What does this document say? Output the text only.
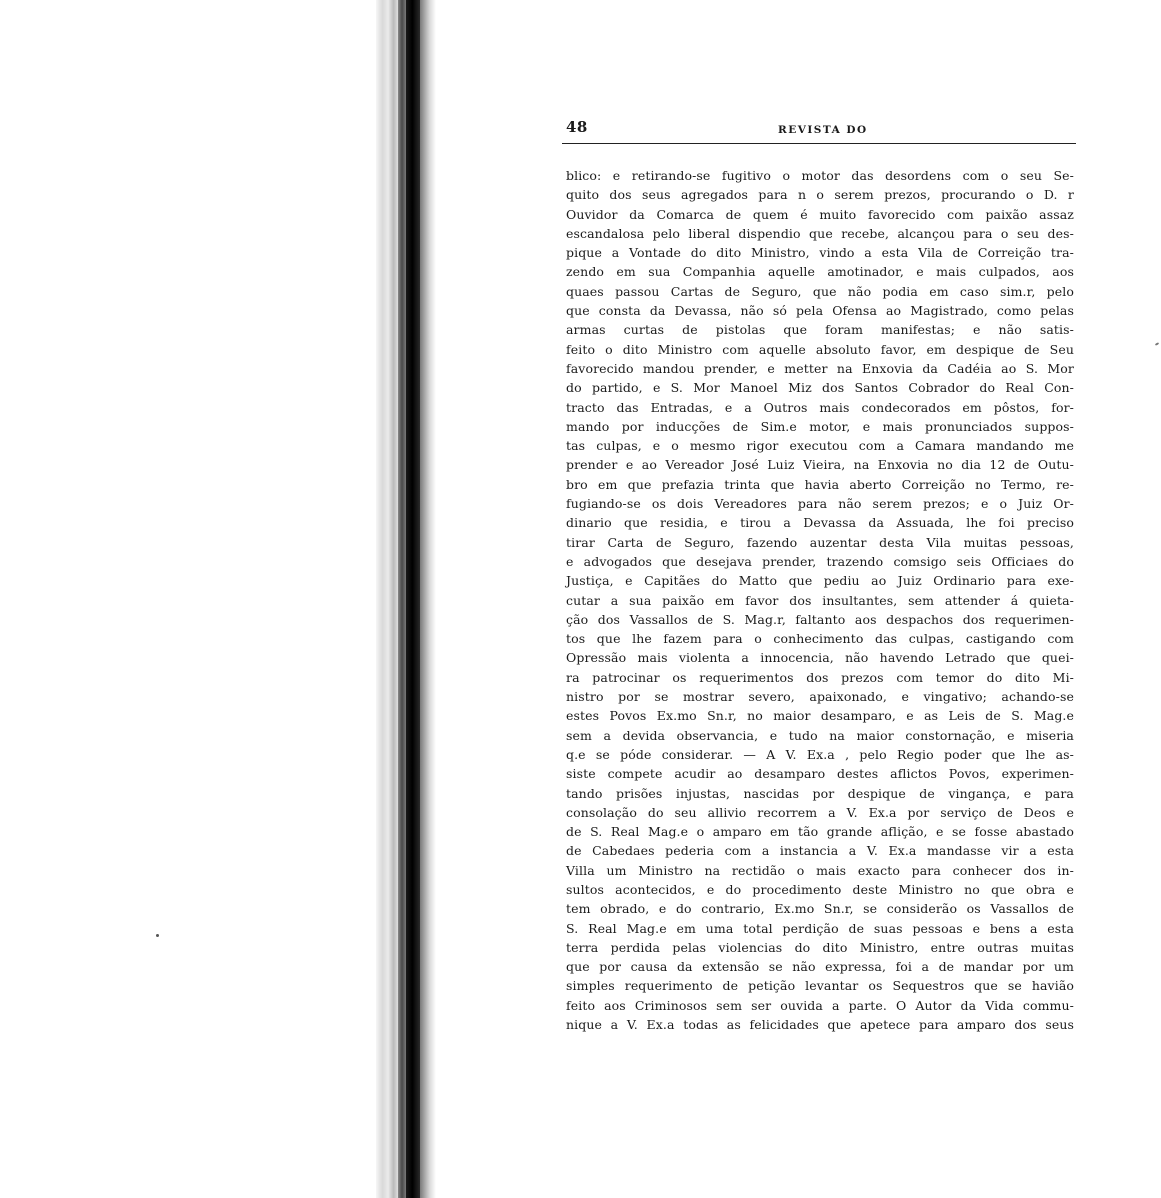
48	REVISTA DO
blico: e retirando-se fugitivo o motor das desordens com o seu Se-
quito dos seus agregados para n o serem prezos, procurando o D. r
Ouvidor da Comarca de quem é muito favorecido com paixão assaz
escandalosa pelo liberal dispendio que recebe, alcançou para o seu des-
pique a Vontade do dito Ministro, vindo a esta Vila de Correição tra-
zendo em sua Companhia aquelle amotinador, e mais culpados, aos
quaes passou Cartas de Seguro, que não podia em caso sim.r, pelo
que consta da Devassa, não só pela Ofensa ao Magistrado, como pelas
armas curtas de pistolas que foram manifestas; e não satis-
feito o dito Ministro com aquelle absoluto favor, em despique de Seu
favorecido mandou prender, e metter na Enxovia da Cadéia ao S. Mor
do partido, e S. Mor Manoel Miz dos Santos Cobrador do Real Con-
tracto das Entradas, e a Outros mais condecorados em pôstos, for-
mando por inducções de Sim.e motor, e mais pronunciados suppos-
tas culpas, e o mesmo rigor executou com a Camara mandando me
prender e ao Vereador José Luiz Vieira, na Enxovia no dia 12 de Outu-
bro em que prefazia trinta que havia aberto Correição no Termo, re-
fugiando-se os dois Vereadores para não serem prezos; e o Juiz Or-
dinario que residia, e tirou a Devassa da Assuada, lhe foi preciso
tirar Carta de Seguro, fazendo auzentar desta Vila muitas pessoas,
e advogados que desejava prender, trazendo comsigo seis Officiaes do
Justiça, e Capitães do Matto que pediu ao Juiz Ordinario para exe-
cutar a sua paixão em favor dos insultantes, sem attender á quieta-
ção dos Vassallos de S. Mag.r, faltanto aos despachos dos requerimen-
tos que lhe fazem para o conhecimento das culpas, castigando com
Opressão mais violenta a innocencia, não havendo Letrado que quei-
ra patrocinar os requerimentos dos prezos com temor do dito Mi-
nistro por se mostrar severo, apaixonado, e vingativo; achando-se
estes Povos Ex.mo Sn.r, no maior desamparo, e as Leis de S. Mag.e
sem a devida observancia, e tudo na maior constornação, e miseria
q.e se póde considerar. — A V. Ex.a , pelo Regio poder que lhe as-
siste compete acudir ao desamparo destes aflictos Povos, experimen-
tando prisões injustas, nascidas por despique de vingança, e para
consolação do seu allivio recorrem a V. Ex.a por serviço de Deos e
de S. Real Mag.e o amparo em tão grande aflição, e se fosse abastado
de Cabedaes pederia com a instancia a V. Ex.a mandasse vir a esta
Villa um Ministro na rectidão o mais exacto para conhecer dos in-
sultos acontecidos, e do procedimento deste Ministro no que obra e
tem obrado, e do contrario, Ex.mo Sn.r, se considerão os Vassallos de
S. Real Mag.e em uma total perdição de suas pessoas e bens a esta
terra perdida pelas violencias do dito Ministro, entre outras muitas
que por causa da extensão se não expressa, foi a de mandar por um
simples requerimento de petição levantar os Sequestros que se havião
feito aos Criminosos sem ser ouvida a parte. O Autor da Vida commu-
nique a V. Ex.a todas as felicidades que apetece para amparo dos seus
